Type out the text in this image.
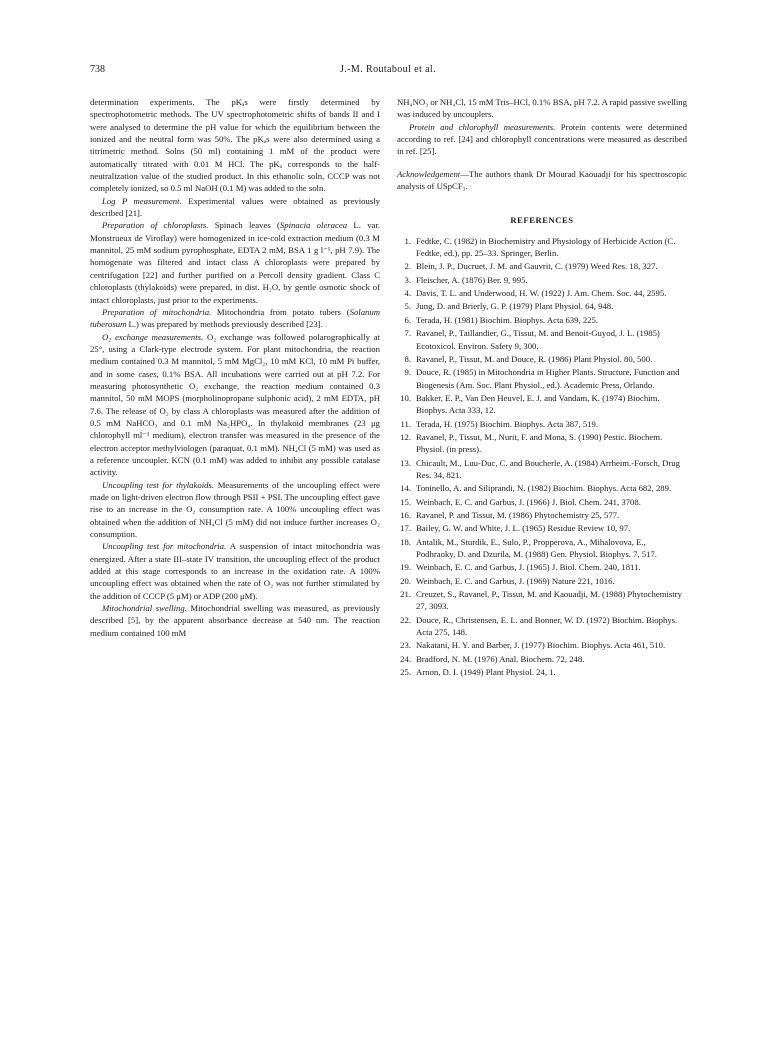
738	J.-M. Routaboul et al.

determination experiments. The pKₐs were firstly determined by spectrophotometric methods. The UV spectrophotometric shifts of bands II and I were analysed to determine the pH value for which the equilibrium between the ionized and the neutral form was 50%. The pKₐs were also determined using a titrimetric method. Solns (50 ml) containing 1 mM of the product were automatically titrated with 0.01 M HCl. The pKₐ corresponds to the half-neutralization value of the studied product. In this ethanolic soln, CCCP was not completely ionized, so 0.5 ml NaOH (0.1 M) was added to the soln.

Log P measurement. Experimental values were obtained as previously described [21].

Preparation of chloroplasts. Spinach leaves (Spinacia oleracea L. var. Monstrueux de Viroflay) were homogenized in ice-cold extraction medium (0.3 M mannitol, 25 mM sodium pyrophosphate, EDTA 2 mM, BSA 1 g l⁻¹, pH 7.9). The homogenate was filtered and intact class A chloroplasts were prepared by centrifugation [22] and further purified on a Percoll density gradient. Class C chloroplasts (thylakoids) were prepared, in dist. H₂O, by gentle osmotic shock of intact chloroplasts, just prior to the experiments.

Preparation of mitochondria. Mitochondria from potato tubers (Solanum tuberosum L.) was prepared by methods previously described [23].

O₂ exchange measurements. O₂ exchange was followed polarographically at 25°, using a Clark-type electrode system. For plant mitochondria, the reaction medium contained 0.3 M mannitol, 5 mM MgCl₂, 10 mM KCl, 10 mM Pi buffer, and in some cases, 0.1% BSA. All incubations were carried out at pH 7.2. For measuring photosynthetic O₂ exchange, the reaction medium contained 0.3 mannitol, 50 mM MOPS (morpholinopropane sulphonic acid), 2 mM EDTA, pH 7.6. The release of O₂ by class A chloroplasts was measured after the addition of 0.5 mM NaHCO₃ and 0.1 mM Na₂HPO₄. In thylakoid membranes (23 μg chlorophyll ml⁻¹ medium), electron transfer was measured in the presence of the electron acceptor methylviologen (paraquat, 0.1 mM). NH₄Cl (5 mM) was used as a reference uncoupler. KCN (0.1 mM) was added to inhibit any possible catalase activity.

Uncoupling test for thylakoids. Measurements of the uncoupling effect were made on light-driven electron flow through PSII + PSI. The uncoupling effect gave rise to an increase in the O₂ consumption rate. A 100% uncoupling effect was obtained when the addition of NH₄Cl (5 mM) did not induce further increases O₂ consumption.

Uncoupling test for mitochondria. A suspension of intact mitochondria was energized. After a state III–state IV transition, the uncoupling effect of the product added at this stage corresponds to an increase in the oxidation rate. A 100% uncoupling effect was obtained when the rate of O₂ was not further stimulated by the addition of CCCP (5 μM) or ADP (200 μM).

Mitochondrial swelling. Mitochondrial swelling was measured, as previously described [5], by the apparent absorbance decrease at 540 nm. The reaction medium contained 100 mM

NH₄NO₃ or NH₄Cl, 15 mM Tris–HCl, 0.1% BSA, pH 7.2. A rapid passive swelling was induced by uncouplers.

Protein and chlorophyll measurements. Protein contents were determined according to ref. [24] and chlorophyll concentrations were measured as described in ref. [25].

Acknowledgement—The authors thank Dr Mourad Kaouadji for his spectroscopic analysis of USpCF₃.

REFERENCES
1. Fedtke, C. (1982) in Biochemistry and Physiology of Herbicide Action (C. Fedtke, ed.), pp. 25–33. Springer, Berlin.
2. Blein, J. P., Ducruet, J. M. and Gauvrit, C. (1979) Weed Res. 18, 327.
3. Fleischer, A. (1876) Ber. 9, 995.
4. Davis, T. L. and Underwood, H. W. (1922) J. Am. Chem. Soc. 44, 2595.
5. Jung, D. and Brierly, G. P. (1979) Plant Physiol. 64, 948.
6. Terada, H. (1981) Biochim. Biophys. Acta 639, 225.
7. Ravanel, P., Taillandier, G., Tissut, M. and Benoit-Guyod, J. L. (1985) Ecotoxicol. Environ. Safety 9, 300.
8. Ravanel, P., Tissut, M. and Douce, R. (1986) Plant Physiol. 80, 500.
9. Douce, R. (1985) in Mitochondria in Higher Plants. Structure, Function and Biogenesis (Am. Soc. Plant Physiol., ed.). Academic Press, Orlando.
10. Bakker, E. P., Van Den Heuvel, E. J. and Vandam, K. (1974) Biochim. Biophys. Acta 333, 12.
11. Terada, H. (1975) Biochim. Biophys. Acta 387, 519.
12. Ravanel, P., Tissut, M., Nurit, F. and Mona, S. (1990) Pestic. Biochem. Physiol. (in press).
13. Chicault, M., Luu-Duc, C. and Boucherle, A. (1984) Arrheim.-Forsch, Drug Res. 34, 821.
14. Toninello, A. and Siliprandi, N. (1982) Biochim. Biophys. Acta 682, 289.
15. Weinbach, E. C. and Garbus, J. (1966) J. Biol. Chem. 241, 3708.
16. Ravanel, P. and Tissut, M. (1986) Phytochemistry 25, 577.
17. Bailey, G. W. and White, J. L. (1965) Residue Review 10, 97.
18. Antalik, M., Sturdik, E., Sulo, P., Propperova, A., Mihalovova, E., Podhraoky, D. and Dzurila, M. (1988) Gen. Physiol. Biophys. 7, 517.
19. Weinbach, E. C. and Garbus, J. (1965) J. Biol. Chem. 240, 1811.
20. Weinbach, E. C. and Garbus, J. (1969) Nature 221, 1016.
21. Creuzet, S., Ravanel, P., Tissut, M. and Kaouadji, M. (1988) Phytochemistry 27, 3093.
22. Douce, R., Christensen, E. L. and Bonner, W. D. (1972) Biochim. Biophys. Acta 275, 148.
23. Nakatani, H. Y. and Barber, J. (1977) Biochim. Biophys. Acta 461, 510.
24. Bradford, N. M. (1976) Anal. Biochem. 72, 248.
25. Arnon, D. I. (1949) Plant Physiol. 24, 1.
